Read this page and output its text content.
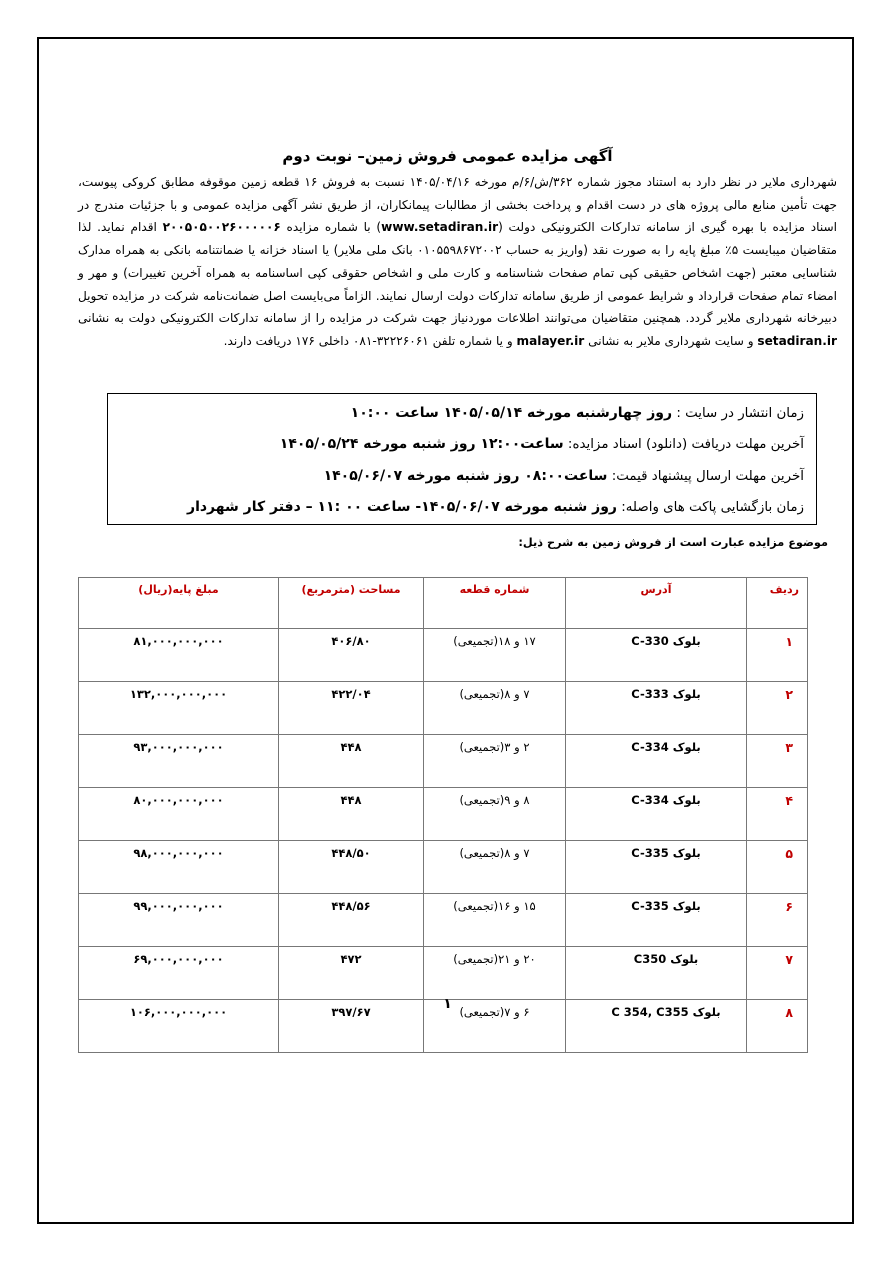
آگهی مزایده عمومی فروش زمین– نوبت دوم

شهرداری ملایر در نظر دارد به استناد مجوز شماره ۳۶۲/ش/۶/م مورخه ۱۴۰۵/۰۴/۱۶ نسبت به فروش ۱۶ قطعه زمین موقوفه مطابق کروکی پیوست، جهت تأمین منابع مالی پروژه های در دست اقدام و پرداخت بخشی از مطالبات پیمانکاران، از طریق نشر آگهی مزایده عمومی و با جزئیات مندرج در اسناد مزایده با بهره گیری از سامانه تدارکات الکترونیکی دولت (www.setadiran.ir) با شماره مزایده ۲۰۰۵۰۵۰۰۲۶۰۰۰۰۰۶ اقدام نماید. لذا متقاضیان میبایست ۵٪ مبلغ پایه را به صورت نقد (واریز به حساب ۰۱۰۵۵۹۸۶۷۲۰۰۲ بانک ملی ملایر) یا اسناد خزانه یا ضمانتنامه بانکی به همراه مدارک شناسایی معتبر (جهت اشخاص حقیقی کپی تمام صفحات شناسنامه و کارت ملی و اشخاص حقوقی کپی اساسنامه به همراه آخرین تغییرات) و مهر و امضاء تمام صفحات قرارداد و شرایط عمومی از طریق سامانه تدارکات دولت ارسال نمایند. الزاماً می‌بایست اصل ضمانت‌نامه شرکت در مزایده تحویل دبیرخانه شهرداری ملایر گردد. همچنین متقاضیان می‌توانند اطلاعات موردنیاز جهت شرکت در مزایده را از سامانه تدارکات الکترونیکی دولت به نشانی setadiran.ir و سایت شهرداری ملایر به نشانی malayer.ir و یا شماره تلفن ۳۲۲۲۶۰۶۱-۰۸۱ داخلی ۱۷۶ دریافت دارند.

زمان انتشار در سایت : روز چهارشنبه مورخه ۱۴۰۵/۰۵/۱۴ ساعت ۱۰:۰۰
آخرین مهلت دریافت (دانلود) اسناد مزایده: ساعت۱۲:۰۰ روز شنبه مورخه ۱۴۰۵/۰۵/۲۴
آخرین مهلت ارسال پیشنهاد قیمت: ساعت۰۸:۰۰ روز شنبه مورخه ۱۴۰۵/۰۶/۰۷
زمان بازگشایی پاکت های واصله: روز شنبه مورخه ۱۴۰۵/۰۶/۰۷- ساعت ۰۰ :۱۱ – دفتر کار شهردار
موضوع مزایده عبارت است از فروش زمین به شرح ذیل:
ردیف	آدرس	شماره قطعه	مساحت (مترمربع)	مبلغ پایه(ریال)
۱	بلوک C-330	۱۷ و ۱۸(تجمیعی)	۴۰۶/۸۰	۸۱,۰۰۰,۰۰۰,۰۰۰
۲	بلوک C-333	۷ و ۸(تجمیعی)	۴۲۲/۰۴	۱۳۲,۰۰۰,۰۰۰,۰۰۰
۳	بلوک C-334	۲ و ۳(تجمیعی)	۴۴۸	۹۳,۰۰۰,۰۰۰,۰۰۰
۴	بلوک C-334	۸ و ۹(تجمیعی)	۴۴۸	۸۰,۰۰۰,۰۰۰,۰۰۰
۵	بلوک C-335	۷ و ۸(تجمیعی)	۴۴۸/۵۰	۹۸,۰۰۰,۰۰۰,۰۰۰
۶	بلوک C-335	۱۵ و ۱۶(تجمیعی)	۴۴۸/۵۶	۹۹,۰۰۰,۰۰۰,۰۰۰
۷	بلوک C350	۲۰ و ۲۱(تجمیعی)	۴۷۲	۶۹,۰۰۰,۰۰۰,۰۰۰
۸	بلوک C 354, C355	۶ و ۷(تجمیعی)	۳۹۷/۶۷	۱۰۶,۰۰۰,۰۰۰,۰۰۰	۱
